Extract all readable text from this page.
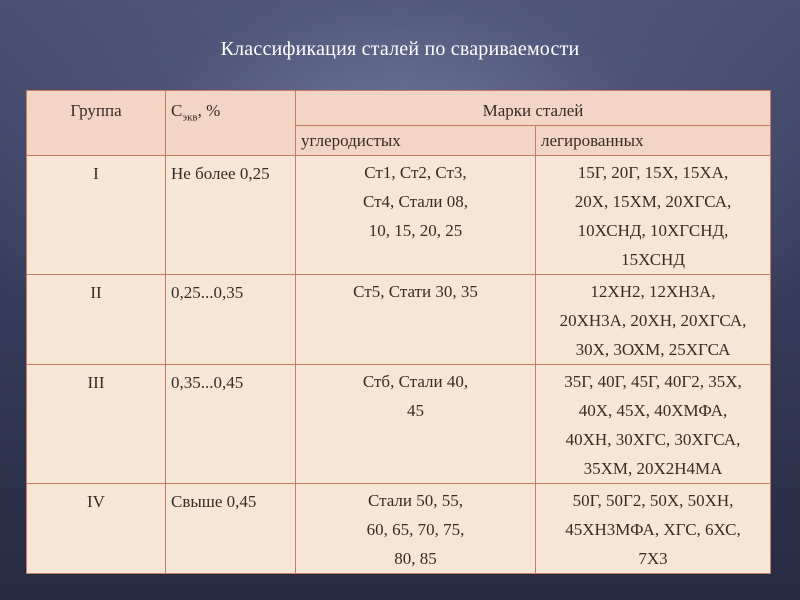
Классификация сталей по свариваемости
Группа	$С_{экв}$, %	Марки сталей	
		углеродистых	легированных
I	Не более 0,25	Ст1, Ст2, Ст3,
Ст4, Стали 08,
10, 15, 20, 25	15Г, 20Г, 15Х, 15ХА,
20Х, 15ХМ, 20ХГСА,
10ХСНД, 10ХГСНД,
15ХСНД

II	0,25...0,35	Ст5, Стати 30, 35	12ХН2, 12ХН3А,
20ХН3А, 20ХН, 20ХГСА,
30Х, 3ОХМ, 25ХГСА

III	0,35...0,45	Стб, Стали 40,
45	35Г, 40Г, 45Г, 40Г2, 35Х,
40Х, 45Х, 40ХМФА,
40ХН, 30ХГС, 30ХГСА,
35ХМ, 20Х2Н4МА

IV	Свыше 0,45	Стали 50, 55,
60, 65, 70, 75,
80, 85	50Г, 50Г2, 50Х, 50ХН,
45ХН3МФА, ХГС, 6ХС,
7Х3
